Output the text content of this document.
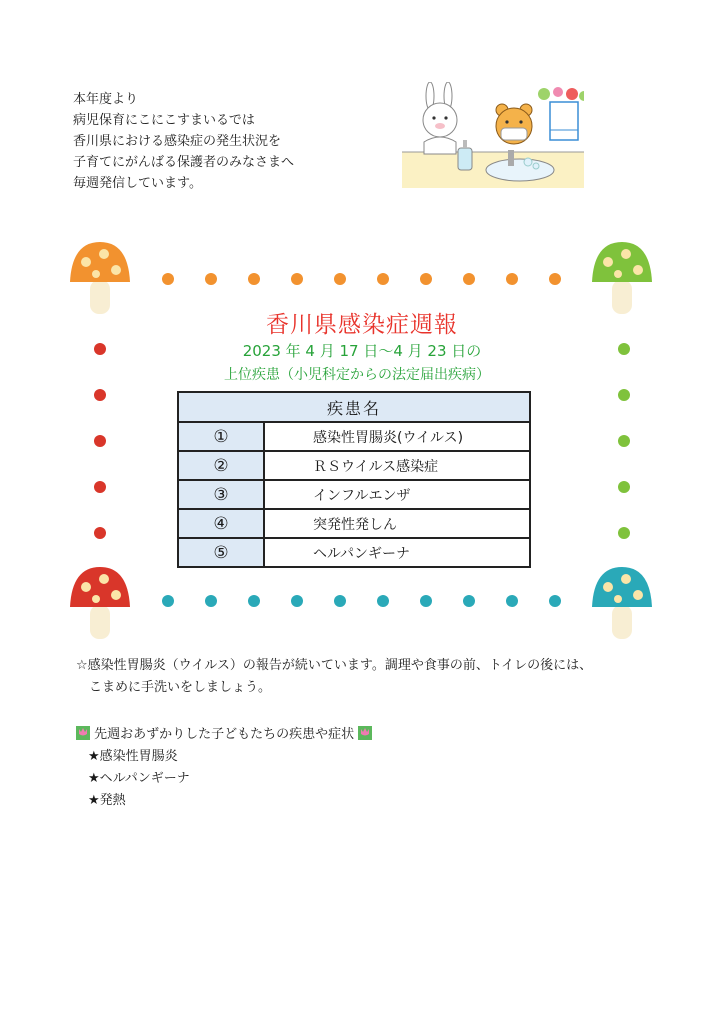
本年度より
病児保育にこにこすまいるでは
香川県における感染症の発生状況を
子育てにがんばる保護者のみなさまへ
毎週発信しています。
香川県感染症週報
2023 年 4 月 17 日～4 月 23 日の
上位疾患（小児科定からの法定届出疾病）
疾患名	
①	感染性胃腸炎(ウイルス)
②	ＲＳウイルス感染症
③	インフルエンザ
④	突発性発しん
⑤	ヘルパンギーナ
☆感染性胃腸炎（ウイルス）の報告が続いています。調理や食事の前、トイレの後には、
こまめに手洗いをしましょう。
先週おあずかりした子どもたちの疾患や症状
★感染性胃腸炎
★ヘルパンギーナ
★発熱
